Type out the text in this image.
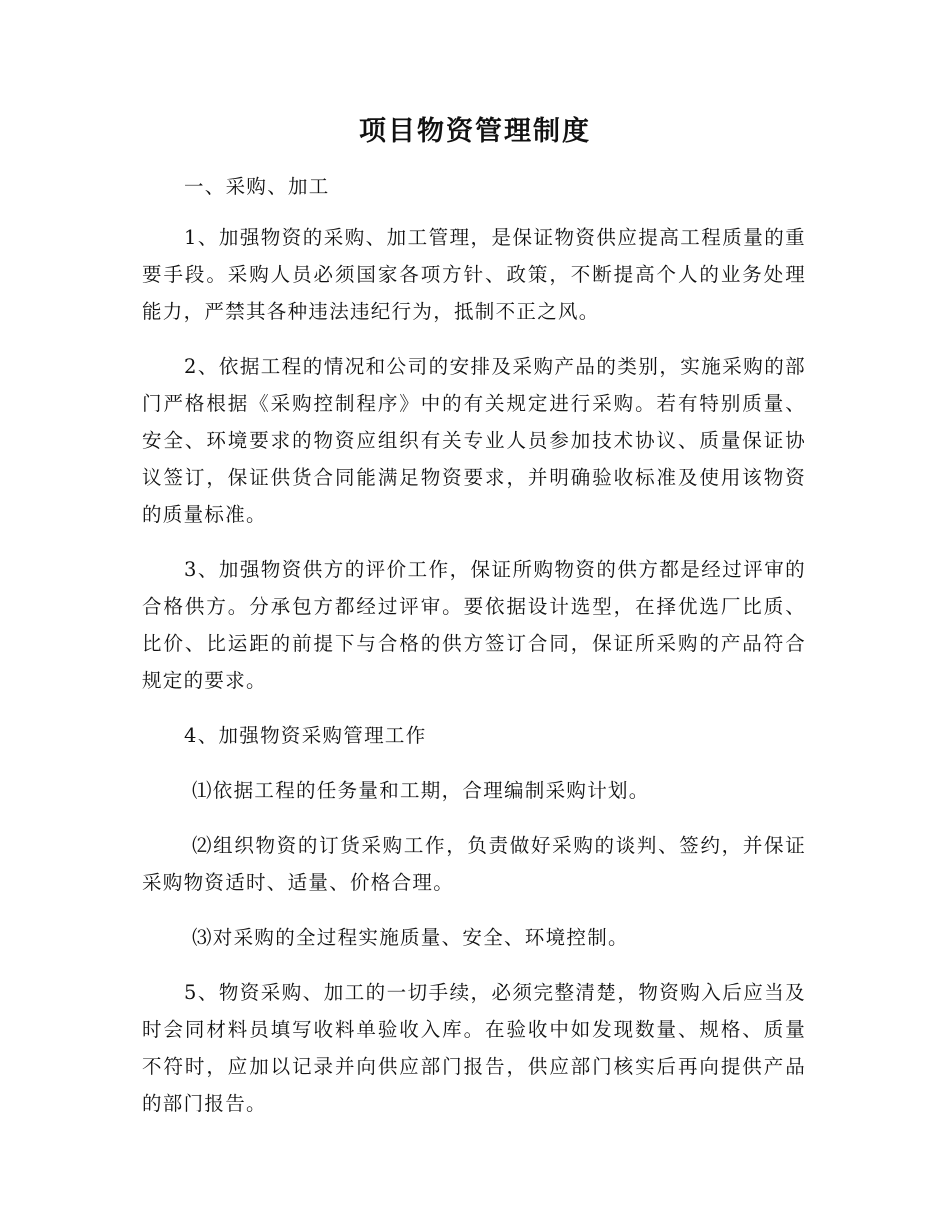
项目物资管理制度

一、采购、加工

1、加强物资的采购、加工管理，是保证物资供应提高工程质量的重要手段。采购人员必须国家各项方针、政策，不断提高个人的业务处理能力，严禁其各种违法违纪行为，抵制不正之风。

2、依据工程的情况和公司的安排及采购产品的类别，实施采购的部门严格根据《采购控制程序》中的有关规定进行采购。若有特别质量、安全、环境要求的物资应组织有关专业人员参加技术协议、质量保证协议签订，保证供货合同能满足物资要求，并明确验收标准及使用该物资的质量标准。

3、加强物资供方的评价工作，保证所购物资的供方都是经过评审的合格供方。分承包方都经过评审。要依据设计选型，在择优选厂比质、比价、比运距的前提下与合格的供方签订合同，保证所采购的产品符合规定的要求。

4、加强物资采购管理工作

⑴依据工程的任务量和工期，合理编制采购计划。

⑵组织物资的订货采购工作，负责做好采购的谈判、签约，并保证采购物资适时、适量、价格合理。

⑶对采购的全过程实施质量、安全、环境控制。

5、物资采购、加工的一切手续，必须完整清楚，物资购入后应当及时会同材料员填写收料单验收入库。在验收中如发现数量、规格、质量不符时，应加以记录并向供应部门报告，供应部门核实后再向提供产品的部门报告。
